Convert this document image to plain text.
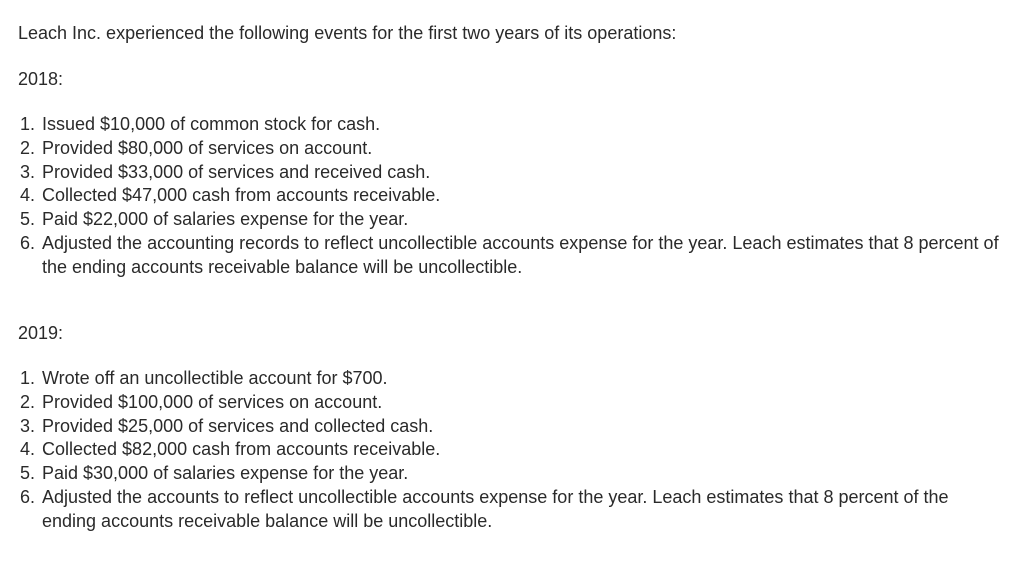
Leach Inc. experienced the following events for the first two years of its operations:
2018:
1. Issued $10,000 of common stock for cash.
2. Provided $80,000 of services on account.
3. Provided $33,000 of services and received cash.
4. Collected $47,000 cash from accounts receivable.
5. Paid $22,000 of salaries expense for the year.
6. Adjusted the accounting records to reflect uncollectible accounts expense for the year. Leach estimates that 8 percent of the ending accounts receivable balance will be uncollectible.
2019:
1. Wrote off an uncollectible account for $700.
2. Provided $100,000 of services on account.
3. Provided $25,000 of services and collected cash.
4. Collected $82,000 cash from accounts receivable.
5. Paid $30,000 of salaries expense for the year.
6. Adjusted the accounts to reflect uncollectible accounts expense for the year. Leach estimates that 8 percent of the ending accounts receivable balance will be uncollectible.
